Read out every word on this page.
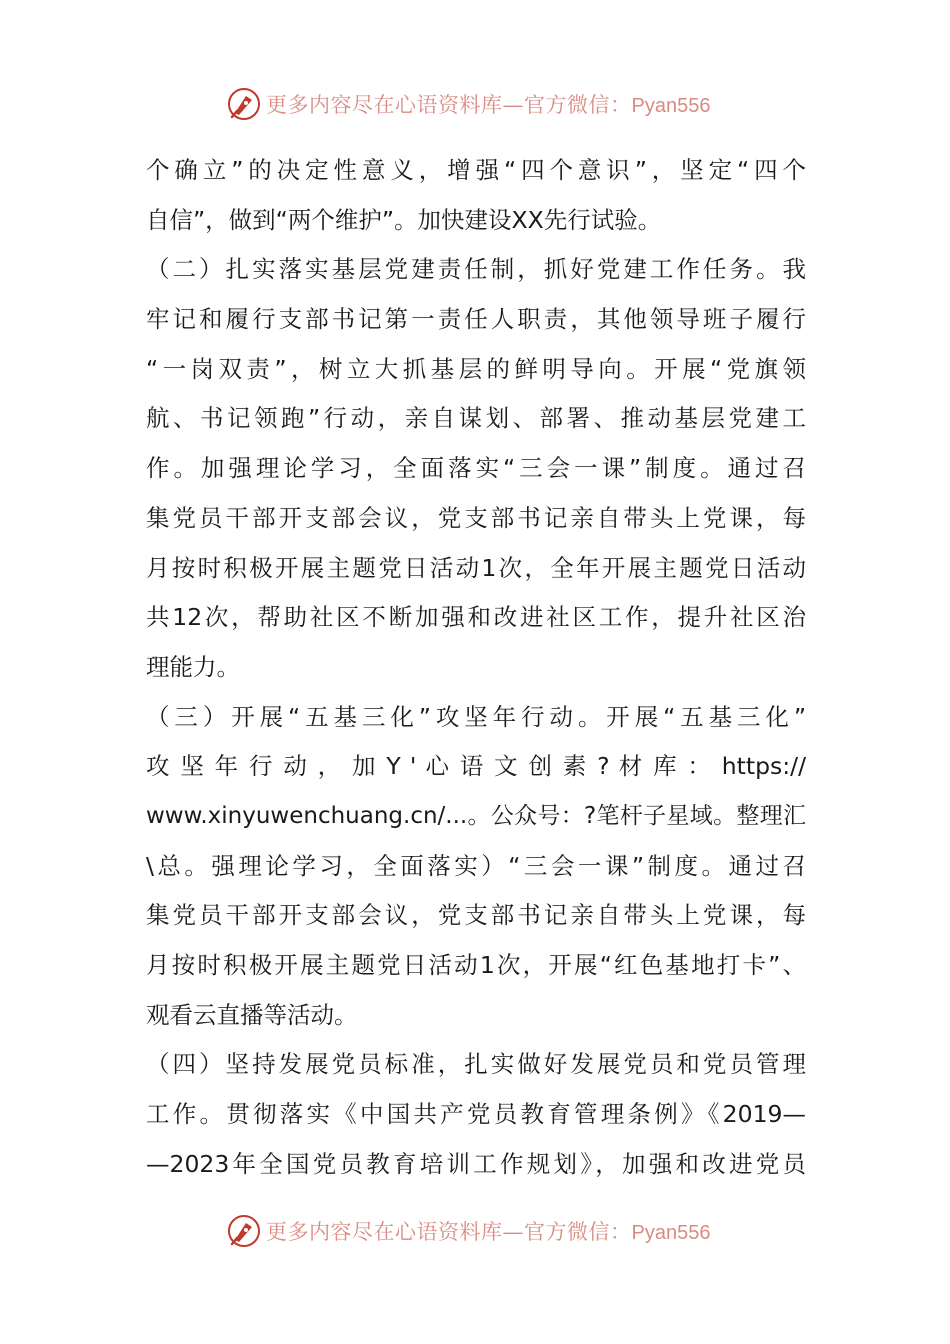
更多内容尽在心语资料库—官方微信：Pyan556
个确立”的决定性意义，增强“四个意识”，坚定“四个
自信”，做到“两个维护”。加快建设XX先行试验。
（二）扎实落实基层党建责任制，抓好党建工作任务。我
牢记和履行支部书记第一责任人职责，其他领导班子履行
“一岗双责”，树立大抓基层的鲜明导向。开展“党旗领
航、书记领跑”行动，亲自谋划、部署、推动基层党建工
作。加强理论学习，全面落实“三会一课”制度。通过召
集党员干部开支部会议，党支部书记亲自带头上党课，每
月按时积极开展主题党日活动1次，全年开展主题党日活动
共12次，帮助社区不断加强和改进社区工作，提升社区治
理能力。
（三）开展“五基三化”攻坚年行动。开展“五基三化”
攻 坚 年 行 动 ， 加 Y ' 心 语 文 创 素 ? 材 库 ： https://
www.xinyuwenchuang.cn/...。公众号：?笔杆子星域。整理汇
\总。强理论学习，全面落实）“三会一课”制度。通过召
集党员干部开支部会议，党支部书记亲自带头上党课，每
月按时积极开展主题党日活动1次，开展“红色基地打卡”、
观看云直播等活动。
（四）坚持发展党员标准，扎实做好发展党员和党员管理
工作。贯彻落实《中国共产党员教育管理条例》《2019—
—2023年全国党员教育培训工作规划》，加强和改进党员
更多内容尽在心语资料库—官方微信：Pyan556
